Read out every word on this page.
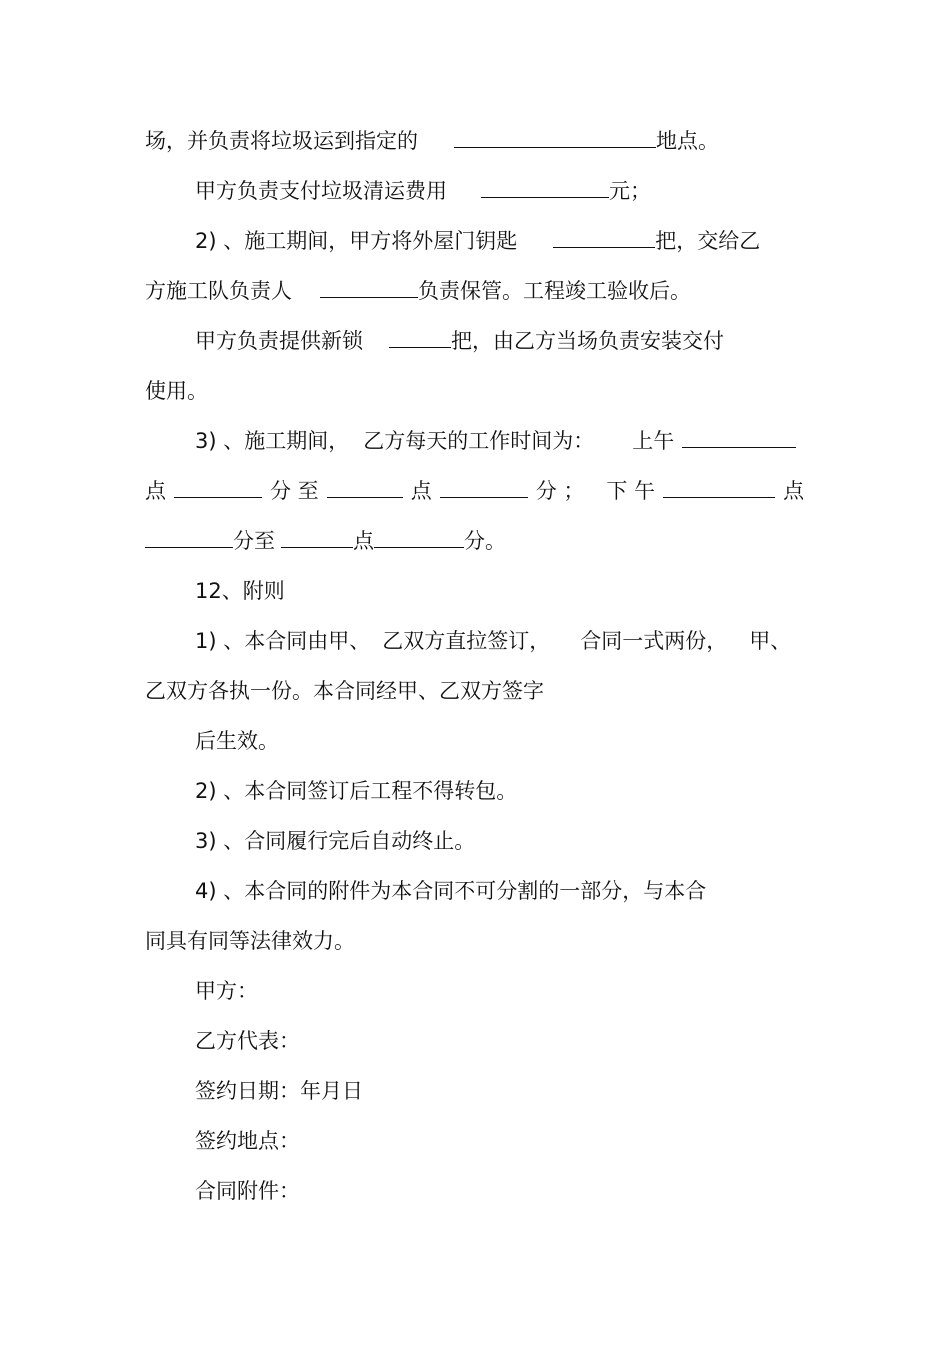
场，并负责将垃圾运到指定的	地点。
甲方负责支付垃圾清运费用	元；
2) 、施工期间，甲方将外屋门钥匙	把，交给乙
方施工队负责人	负责保管。工程竣工验收后。
甲方负责提供新锁	把，由乙方当场负责安装交付
使用。
3) 、施工期间， 乙方每天的工作时间为： 上午
点	分 至	点	分 ； 下 午	点
分至	点	分。
12、附则
1) 、本合同由甲、 乙双方直拉签订， 合同一式两份， 甲、
乙双方各执一份。本合同经甲、乙双方签字
后生效。
2) 、本合同签订后工程不得转包。
3) 、合同履行完后自动终止。
4) 、本合同的附件为本合同不可分割的一部分，与本合
同具有同等法律效力。
甲方：
乙方代表：
签约日期：年月日
签约地点：
合同附件：
